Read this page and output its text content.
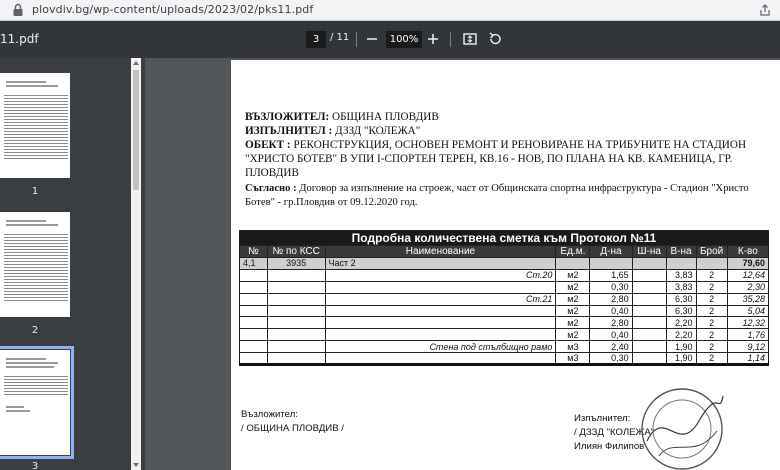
plovdiv.bg/wp-content/uploads/2023/02/pks11.pdf
11.pdf	3	/ 11	100%
1
2
3

ВЪЗЛОЖИТЕЛ: ОБЩИНА ПЛОВДИВ

ИЗПЪЛНИТЕЛ : ДЗЗД "КОЛЕЖА"

ОБЕКТ : РЕКОНСТРУКЦИЯ, ОСНОВЕН РЕМОНТ И РЕНОВИРАНЕ НА ТРИБУНИТЕ НА СТАДИОН "ХРИСТО БОТЕВ" В УПИ I-СПОРТЕН ТЕРЕН, КВ.16 - НОВ, ПО ПЛАНА НА КВ. КАМЕНИЦА, ГР. ПЛОВДИВ

Съгласно : Договор за изпълнение на строеж, част от Общинската спортна инфраструктура - Стадион "Христо Ботев" - гр.Пловдив от 09.12.2020 год.

Подробна количествена сметка към Протокол №11								
№	№ по КСС	Наименование	Ед.м.	Д-на	Ш-на	В-на	Брой	К-во
4,1	3935	Част 2						79,60
		Ст.20	м2	1,65		3,83	2	12,64
			м2	0,30		3,83	2	2,30
		Ст.21	м2	2,80		6,30	2	35,28
			м2	0,40		6,30	2	5,04
			м2	2,80		2,20	2	12,32
			м2	0,40		2,20	2	1,76
		Стена под стълбищно рамо	м3	2,40		1,90	2	9,12
			м3	0,30		1,90	2	1,14
Възложител:
/ ОБЩИНА ПЛОВДИВ /
Изпълнител:
/ ДЗЗД "КОЛЕЖА"
Илиян Филипов
